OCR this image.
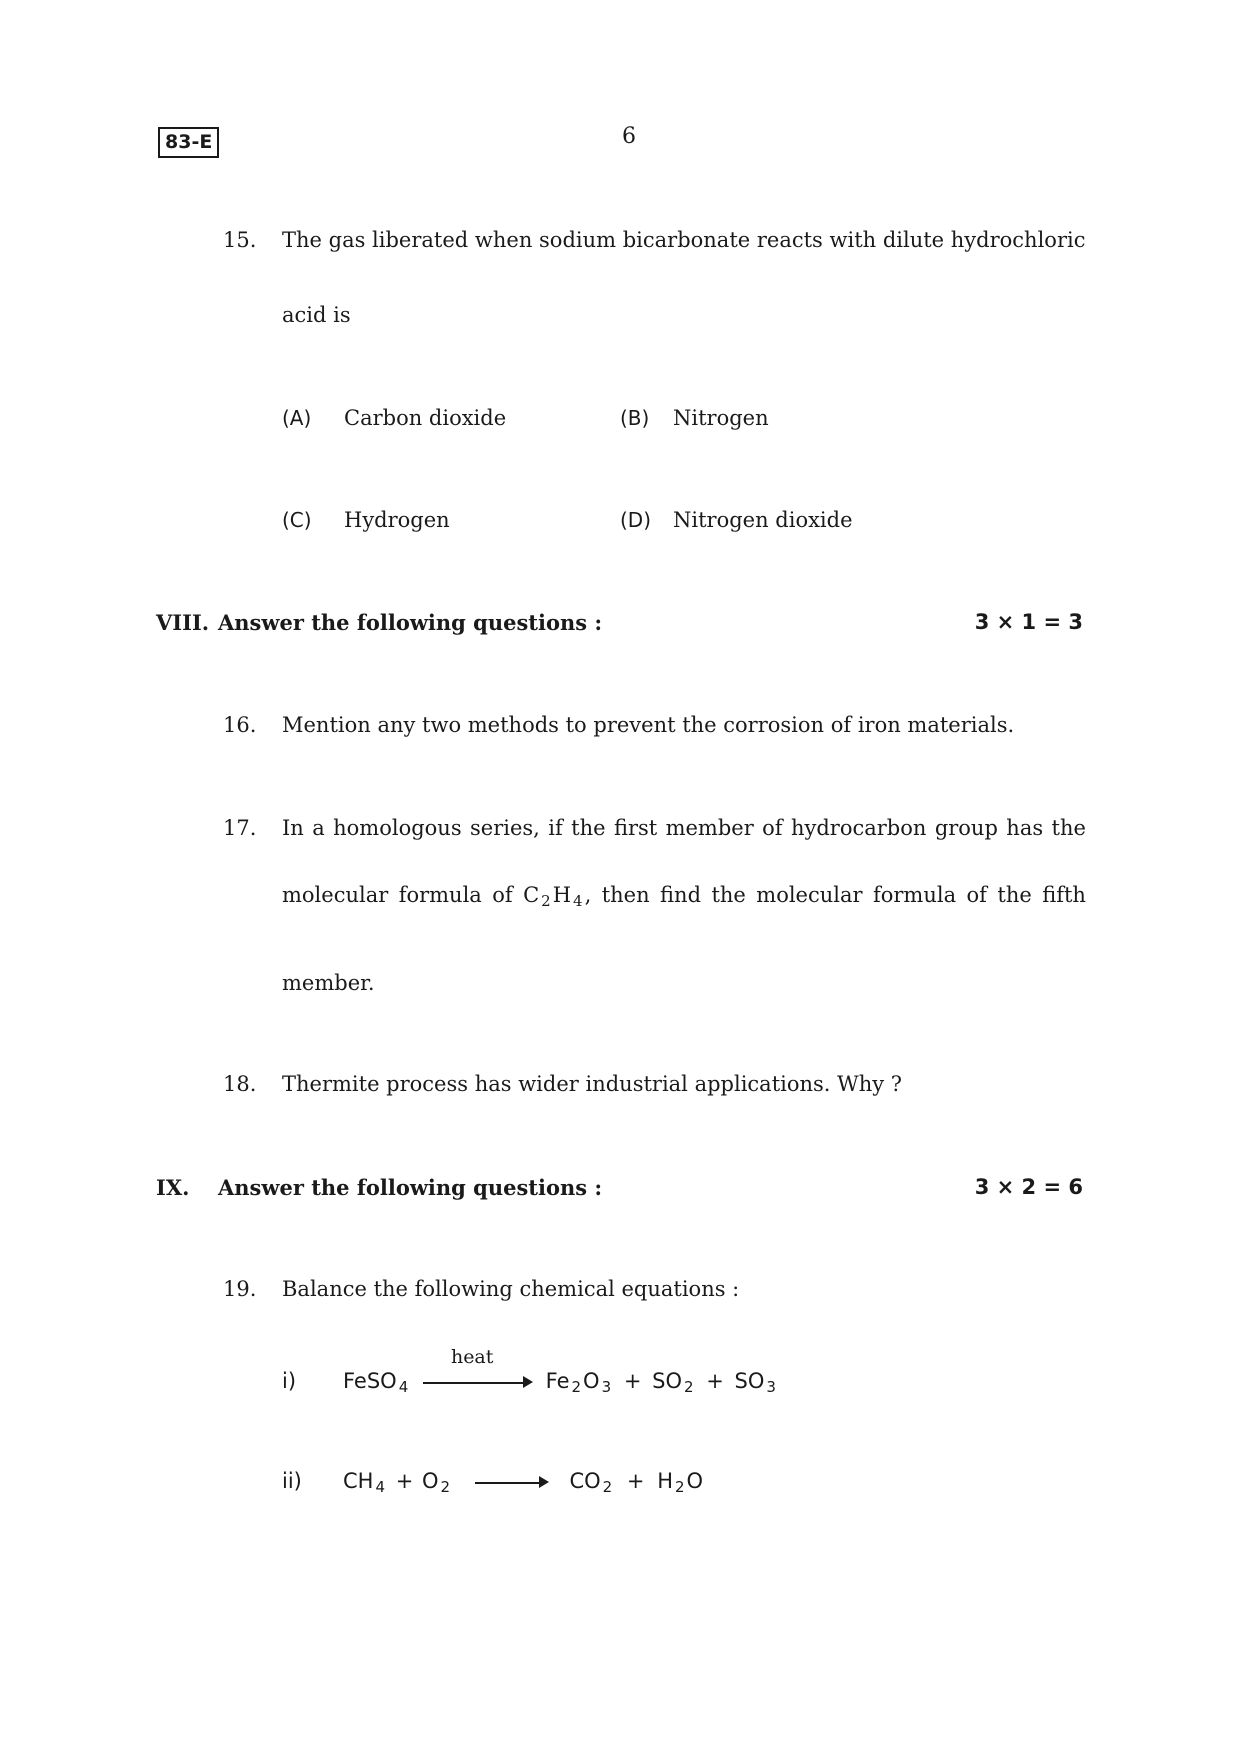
83-E	6
15. The gas liberated when sodium bicarbonate reacts with dilute hydrochloric
acid is
(A) Carbon dioxide	(B) Nitrogen
(C) Hydrogen	(D) Nitrogen dioxide
VIII. Answer the following questions :	3 × 1 = 3
16. Mention any two methods to prevent the corrosion of iron materials.
17. In a homologous series, if the first member of hydrocarbon group has the
molecular formula of C $_2$H $_4$, then find the molecular formula of the fifth
member.
18. Thermite process has wider industrial applications. Why ?
IX. Answer the following questions :	3 × 2 = 6
19. Balance the following chemical equations :
i) FeSO $_4$
heat
Fe $_2$O $_3$ + SO $_2$ + SO $_3$
ii) CH $_4$ + O $_2$	CO $_2$ + H $_2$O
